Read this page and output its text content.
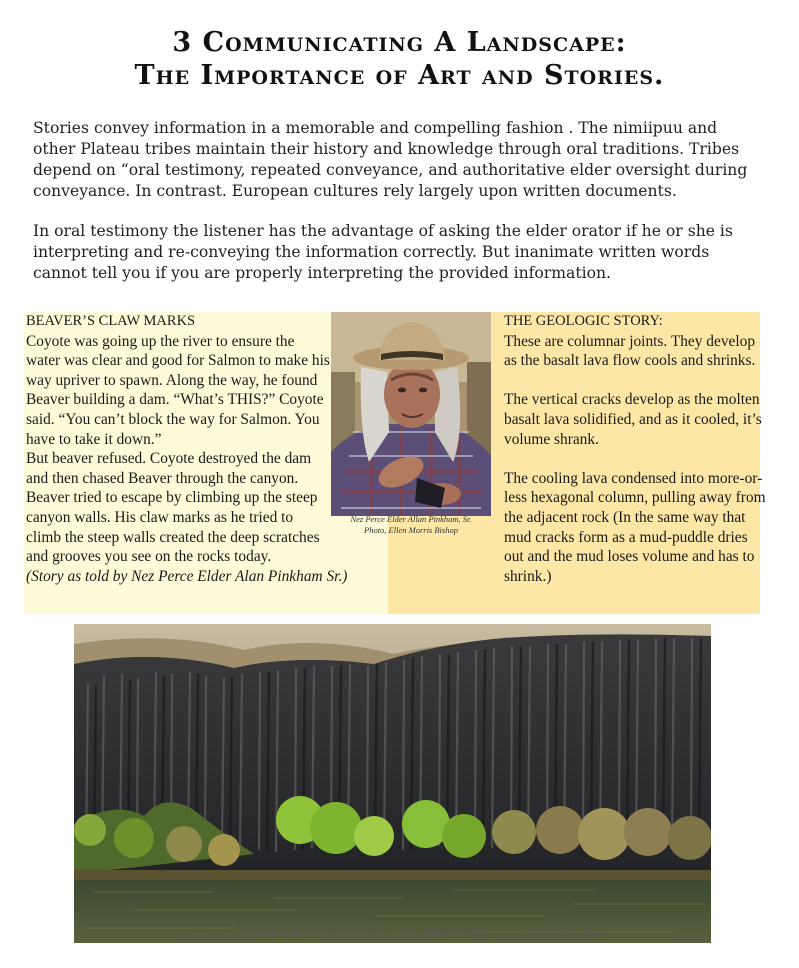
3 Communicating A Landscape:
The Importance of Art and Stories.

Stories convey information in a memorable and compelling fashion . The nimiipuu and other Plateau tribes maintain their history and knowledge through oral traditions. Tribes depend on “oral testimony, repeated conveyance, and authoritative elder oversight during conveyance. In contrast. European cultures rely largely upon written documents.

In oral testimony the listener has the advantage of asking the elder orator if he or she is interpreting and re-conveying the information correctly. But inanimate written words cannot tell you if you are properly interpreting the provided information.

BEAVER’S CLAW MARKS

Coyote was going up the river to ensure the water was clear and good for Salmon to make his way upriver to spawn. Along the way, he found Beaver building a dam. “What’s THIS?” Coyote said. “You can’t block the way for Salmon. You have to take it down.”

But beaver refused. Coyote destroyed the dam and then chased Beaver through the canyon. Beaver tried to escape by climbing up the steep canyon walls. His claw marks as he tried to climb the steep walls created the deep scratches and grooves you see on the rocks today.

(Story as told by Nez Perce Elder Alan Pinkham Sr.)

Nez Perce Elder Allan Pinkham, Sr.
Photo, Ellen Morris Bishop
THE GEOLOGIC STORY:

These are columnar joints. They develop as the basalt lava flow cools and shrinks.

The vertical cracks develop as the molten basalt lava solidified, and as it cooled, it’s volume shrank.

The cooling lava condensed into more-or-less hexagonal column, pulling away from the adjacent rock (In the same way that mud cracks form as a mud-puddle dries out and the mud loses volume and has to shrink.)

Columnar joints, Columbia River Basalt on the Snake River near Lewiston, Idaho. Photo, Pat Pat Young, Nez Perce, Lapwai, Idaho
